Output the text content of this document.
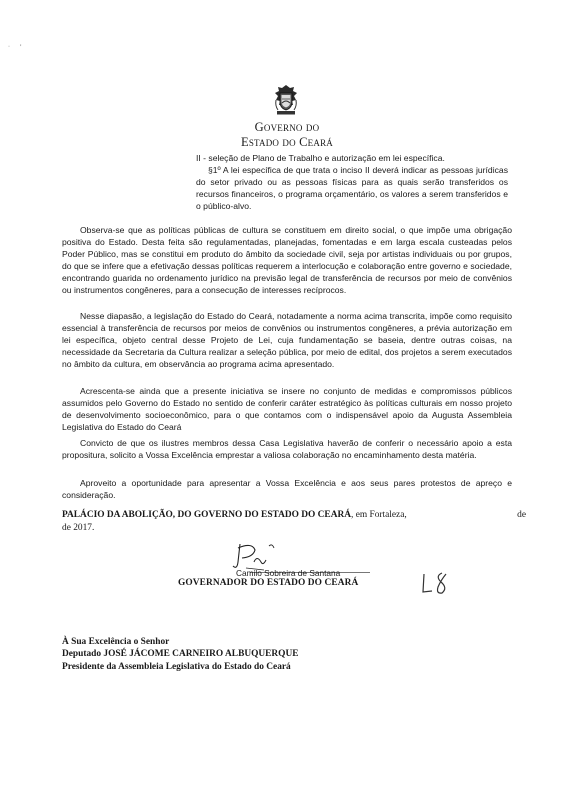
· ,
Governo do
Estado do Ceará

II - seleção de Plano de Trabalho e autorização em lei específica.

§1º A lei específica de que trata o inciso II deverá indicar as pessoas jurídicas do setor privado ou as pessoas físicas para as quais serão transferidos os recursos financeiros, o programa orçamentário, os valores a serem transferidos e o público-alvo.

Observa-se que as políticas públicas de cultura se constituem em direito social, o que impõe uma obrigação positiva do Estado. Desta feita são regulamentadas, planejadas, fomentadas e em larga escala custeadas pelos Poder Público, mas se constitui em produto do âmbito da sociedade civil, seja por artistas individuais ou por grupos, do que se infere que a efetivação dessas políticas requerem a interlocução e colaboração entre governo e sociedade, encontrando guarida no ordenamento jurídico na previsão legal de transferência de recursos por meio de convênios ou instrumentos congêneres, para a consecução de interesses recíprocos.

Nesse diapasão, a legislação do Estado do Ceará, notadamente a norma acima transcrita, impõe como requisito essencial à transferência de recursos por meios de convênios ou instrumentos congêneres, a prévia autorização em lei específica, objeto central desse Projeto de Lei, cuja fundamentação se baseia, dentre outras coisas, na necessidade da Secretaria da Cultura realizar a seleção pública, por meio de edital, dos projetos a serem executados no âmbito da cultura, em observância ao programa acima apresentado.

Acrescenta-se ainda que a presente iniciativa se insere no conjunto de medidas e compromissos públicos assumidos pelo Governo do Estado no sentido de conferir caráter estratégico às políticas culturais em nosso projeto de desenvolvimento socioeconômico, para o que contamos com o indispensável apoio da Augusta Assembleia Legislativa do Estado do Ceará

Convicto de que os ilustres membros dessa Casa Legislativa haverão de conferir o necessário apoio a esta propositura, solicito a Vossa Excelência emprestar a valiosa colaboração no encaminhamento desta matéria.

Aproveito a oportunidade para apresentar a Vossa Excelência e aos seus pares protestos de apreço e consideração.

PALÁCIO DA ABOLIÇÃO, DO GOVERNO DO ESTADO DO CEARÁ, em Fortaleza,	de
de 2017.
Camilo Sobreira de Santana
GOVERNADOR DO ESTADO DO CEARÁ
À Sua Excelência o Senhor
Deputado JOSÉ JÁCOME CARNEIRO ALBUQUERQUE
Presidente da Assembleia Legislativa do Estado do Ceará
